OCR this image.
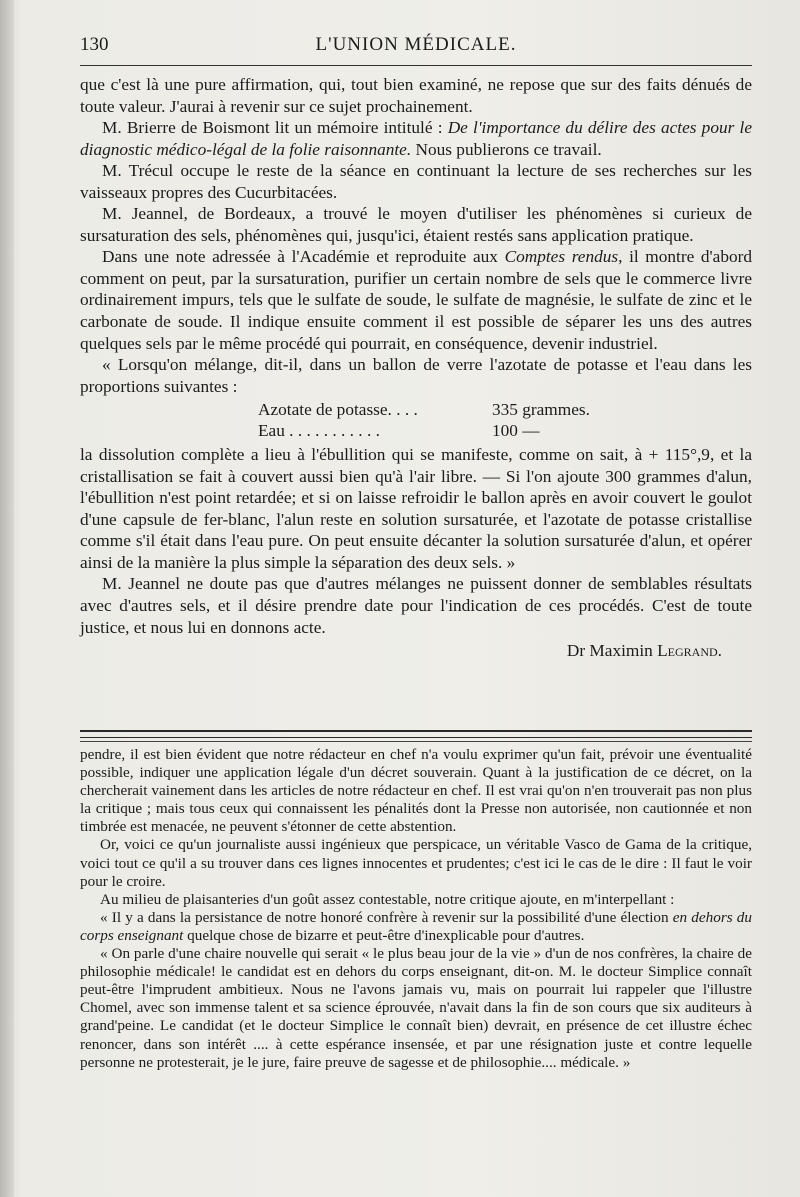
130	L'UNION MÉDICALE.

que c'est là une pure affirmation, qui, tout bien examiné, ne repose que sur des faits dénués de toute valeur. J'aurai à revenir sur ce sujet prochainement.

M. Brierre de Boismont lit un mémoire intitulé : De l'importance du délire des actes pour le diagnostic médico-légal de la folie raisonnante. Nous publierons ce travail.

M. Trécul occupe le reste de la séance en continuant la lecture de ses recherches sur les vaisseaux propres des Cucurbitacées.

M. Jeannel, de Bordeaux, a trouvé le moyen d'utiliser les phénomènes si curieux de sursaturation des sels, phénomènes qui, jusqu'ici, étaient restés sans application pratique.

Dans une note adressée à l'Académie et reproduite aux Comptes rendus, il montre d'abord comment on peut, par la sursaturation, purifier un certain nombre de sels que le commerce livre ordinairement impurs, tels que le sulfate de soude, le sulfate de magnésie, le sulfate de zinc et le carbonate de soude. Il indique ensuite comment il est possible de séparer les uns des autres quelques sels par le même procédé qui pourrait, en conséquence, devenir industriel.

« Lorsqu'on mélange, dit-il, dans un ballon de verre l'azotate de potasse et l'eau dans les proportions suivantes :

Azotate de potasse. . . .	335 grammes.
Eau . . . . . . . . . . .	100 —

la dissolution complète a lieu à l'ébullition qui se manifeste, comme on sait, à + 115°,9, et la cristallisation se fait à couvert aussi bien qu'à l'air libre. — Si l'on ajoute 300 grammes d'alun, l'ébullition n'est point retardée; et si on laisse refroidir le ballon après en avoir couvert le goulot d'une capsule de fer-blanc, l'alun reste en solution sursaturée, et l'azotate de potasse cristallise comme s'il était dans l'eau pure. On peut ensuite décanter la solution sursaturée d'alun, et opérer ainsi de la manière la plus simple la séparation des deux sels. »

M. Jeannel ne doute pas que d'autres mélanges ne puissent donner de semblables résultats avec d'autres sels, et il désire prendre date pour l'indication de ces procédés. C'est de toute justice, et nous lui en donnons acte.

Dr Maximin Legrand.

pendre, il est bien évident que notre rédacteur en chef n'a voulu exprimer qu'un fait, prévoir une éventualité possible, indiquer une application légale d'un décret souverain. Quant à la justification de ce décret, on la chercherait vainement dans les articles de notre rédacteur en chef. Il est vrai qu'on n'en trouverait pas non plus la critique ; mais tous ceux qui connaissent les pénalités dont la Presse non autorisée, non cautionnée et non timbrée est menacée, ne peuvent s'étonner de cette abstention.

Or, voici ce qu'un journaliste aussi ingénieux que perspicace, un véritable Vasco de Gama de la critique, voici tout ce qu'il a su trouver dans ces lignes innocentes et prudentes; c'est ici le cas de le dire : Il faut le voir pour le croire.

Au milieu de plaisanteries d'un goût assez contestable, notre critique ajoute, en m'interpellant :

« Il y a dans la persistance de notre honoré confrère à revenir sur la possibilité d'une élection en dehors du corps enseignant quelque chose de bizarre et peut-être d'inexplicable pour d'autres.

« On parle d'une chaire nouvelle qui serait « le plus beau jour de la vie » d'un de nos confrères, la chaire de philosophie médicale! le candidat est en dehors du corps enseignant, dit-on. M. le docteur Simplice connaît peut-être l'imprudent ambitieux. Nous ne l'avons jamais vu, mais on pourrait lui rappeler que l'illustre Chomel, avec son immense talent et sa science éprouvée, n'avait dans la fin de son cours que six auditeurs à grand'peine. Le candidat (et le docteur Simplice le connaît bien) devrait, en présence de cet illustre échec renoncer, dans son intérêt .... à cette espérance insensée, et par une résignation juste et contre lequelle personne ne protesterait, je le jure, faire preuve de sagesse et de philosophie.... médicale. »
